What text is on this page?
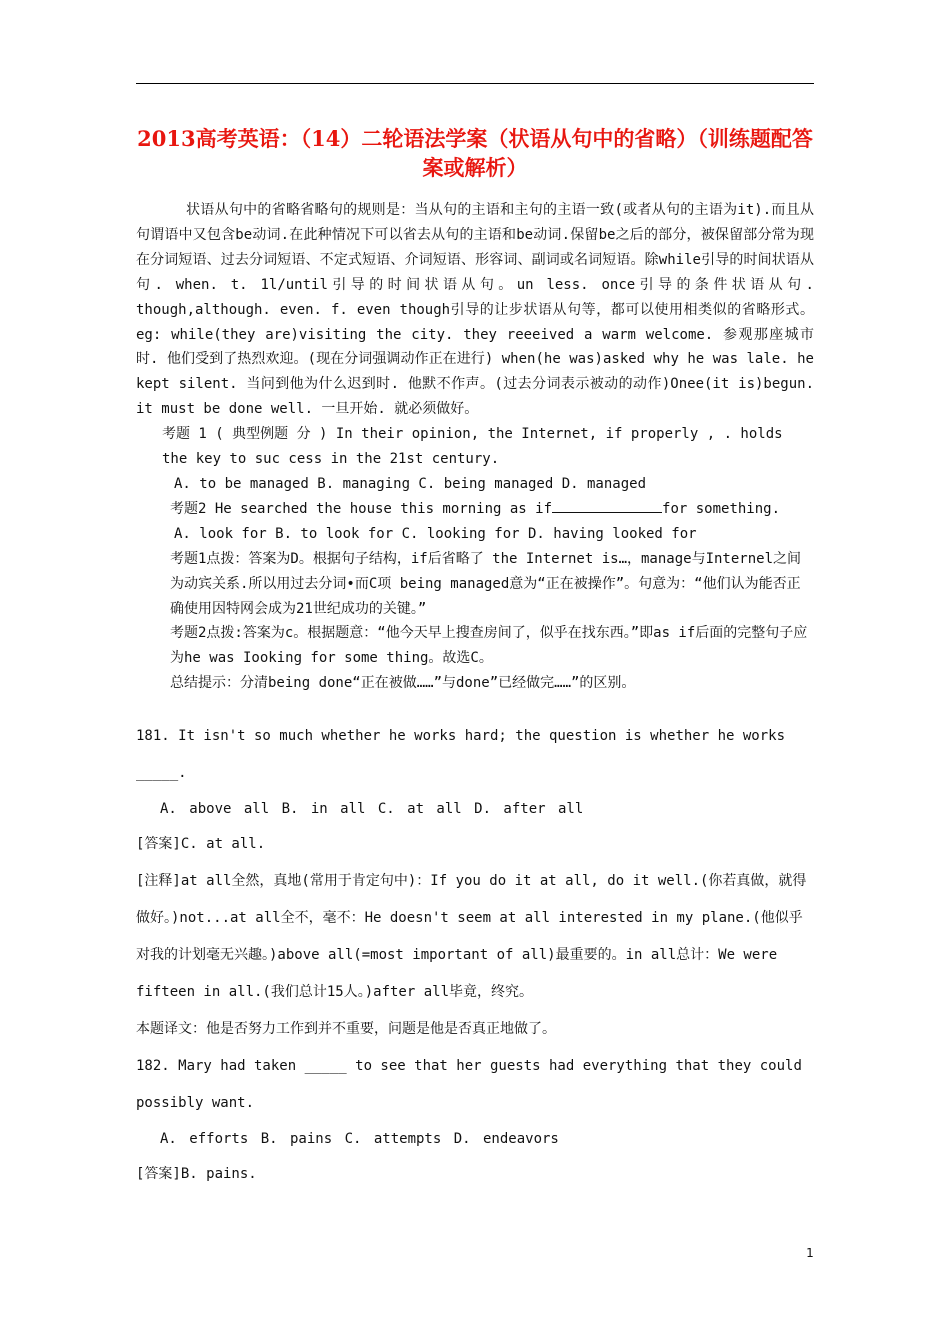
2013高考英语：（14）二轮语法学案（状语从句中的省略）（训练题配答案或解析）

状语从句中的省略省略句的规则是：当从句的主语和主句的主语一致(或者从句的主语为it).而且从句谓语中又包含be动词.在此种情况下可以省去从句的主语和be动词.保留be之后的部分，被保留部分常为现在分词短语、过去分词短语、不定式短语、介词短语、形容词、副词或名词短语。除while引导的时间状语从句. when. t. 1l/until引导的时间状语从句。un less. once引导的条件状语从句. though,although. even. f. even though引导的让步状语从句等，都可以使用相类似的省略形式。 eg: while(they are)visiting the city. they reeeived a warm welcome. 参观那座城市时. 他们受到了热烈欢迎。(现在分词强调动作正在进行) when(he was)asked why he was lale. he kept silent. 当问到他为什么迟到时. 他默不作声。(过去分词表示被动的动作)Onee(it is)begun. it must be done well. 一旦开始. 就必须做好。

考题 1 ( 典型例题 分 ) In their opinion, the Internet, if properly , . holds the key to suc cess in the 21st century.

A. to be managed B. managing C. being managed D. managed

考题2 He searched the house this morning as if	for something.

A. look for B. to look for C. looking for D. having looked for

考题1点拨：答案为D。根据句子结构，if后省略了 the Internet is…，manage与Internel之间为动宾关系.所以用过去分词•而C项 being managed意为“正在被操作”。句意为：“他们认为能否正确使用因特网会成为21世纪成功的关键。”

考题2点拨:答案为c。根据题意：“他今天早上搜查房间了，似乎在找东西。”即as if后面的完整句子应为he was Iooking for some thing。故选C。

总结提示：分清being done“正在被做……”与done”已经做完……”的区别。

181. It isn't so much whether he works hard; the question is whether he works

_____.

A. above all B. in all C. at all D. after all

[答案]C. at all.

[注释]at all全然，真地(常用于肯定句中)：If you do it at all, do it well.(你若真做，就得做好。)not...at all全不，毫不：He doesn't seem at all interested in my plane.(他似乎对我的计划毫无兴趣。)above all(=most important of all)最重要的。in all总计：We were fifteen in all.(我们总计15人。)after all毕竟，终究。

本题译文：他是否努力工作到并不重要，问题是他是否真正地做了。

182. Mary had taken _____ to see that her guests had everything that they could possibly want.

A. efforts B. pains C. attempts D. endeavors

[答案]B. pains.

1
